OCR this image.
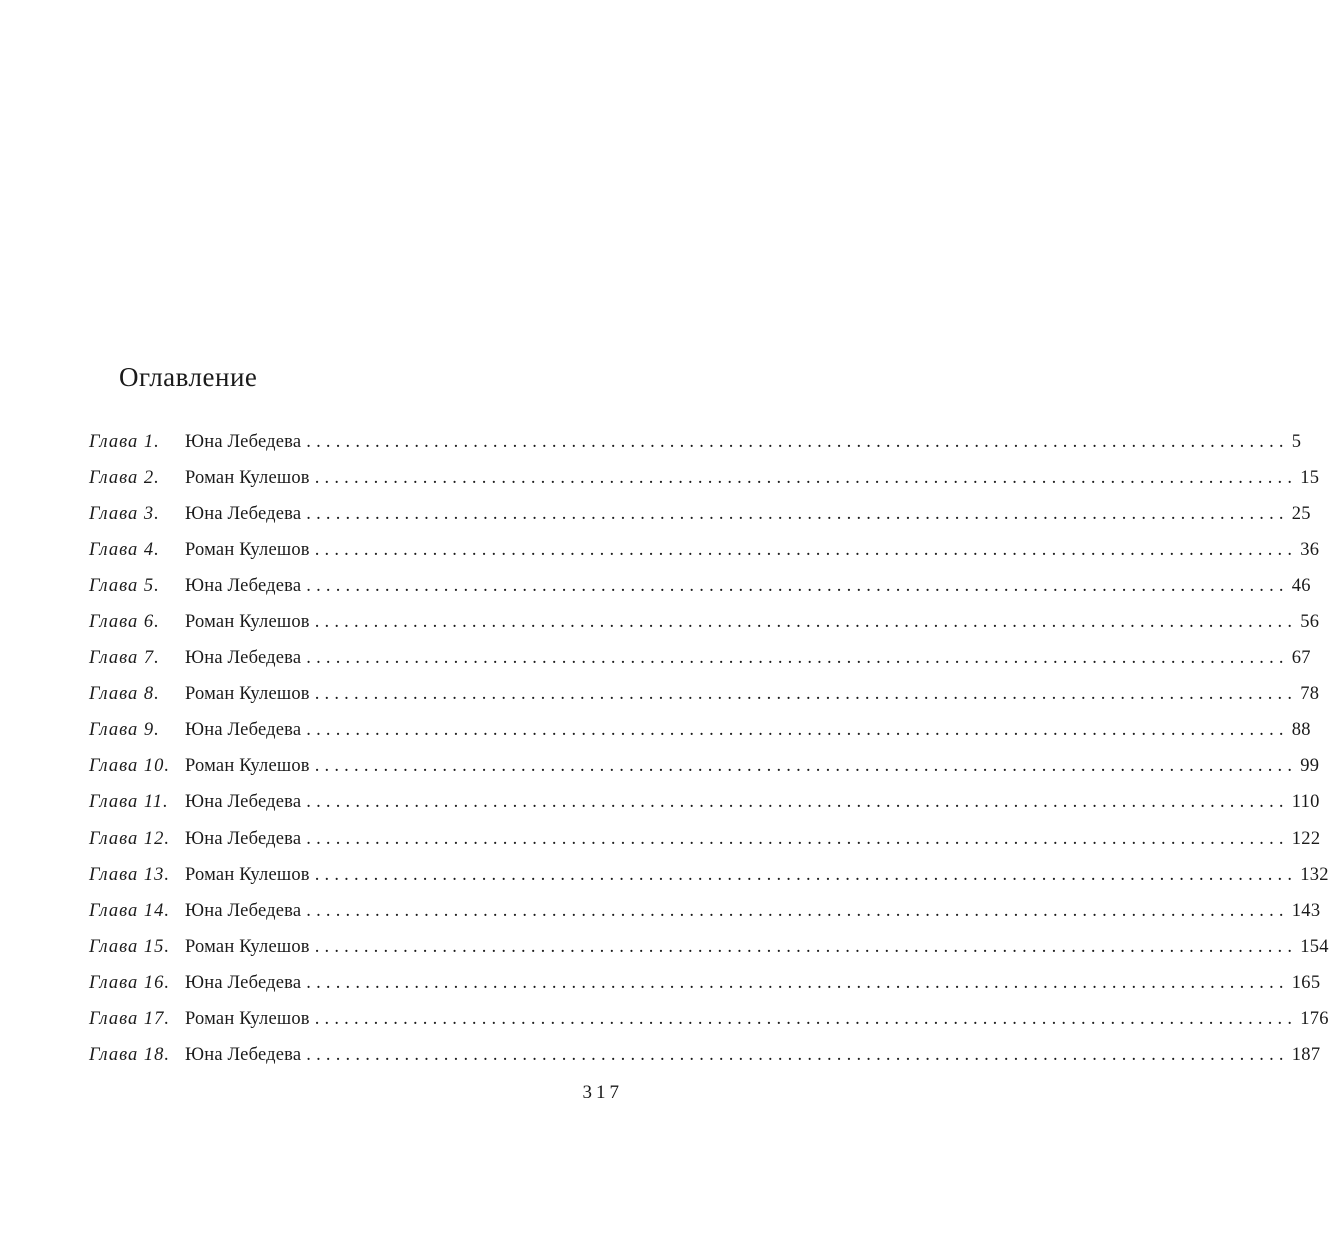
Оглавление
Глава 1.	Юна Лебедева .................................................................................................... 5
Глава 2.	Роман Кулешов .................................................................................................... 15
Глава 3.	Юна Лебедева .................................................................................................... 25
Глава 4.	Роман Кулешов .................................................................................................... 36
Глава 5.	Юна Лебедева .................................................................................................... 46
Глава 6.	Роман Кулешов .................................................................................................... 56
Глава 7.	Юна Лебедева .................................................................................................... 67
Глава 8.	Роман Кулешов .................................................................................................... 78
Глава 9.	Юна Лебедева .................................................................................................... 88
Глава 10. Роман Кулешов .................................................................................................... 99
Глава 11. Юна Лебедева .................................................................................................... 110
Глава 12. Юна Лебедева .................................................................................................... 122
Глава 13. Роман Кулешов .................................................................................................... 132
Глава 14. Юна Лебедева .................................................................................................... 143
Глава 15. Роман Кулешов .................................................................................................... 154
Глава 16. Юна Лебедева .................................................................................................... 165
Глава 17. Роман Кулешов .................................................................................................... 176
Глава 18. Юна Лебедева .................................................................................................... 187
317
